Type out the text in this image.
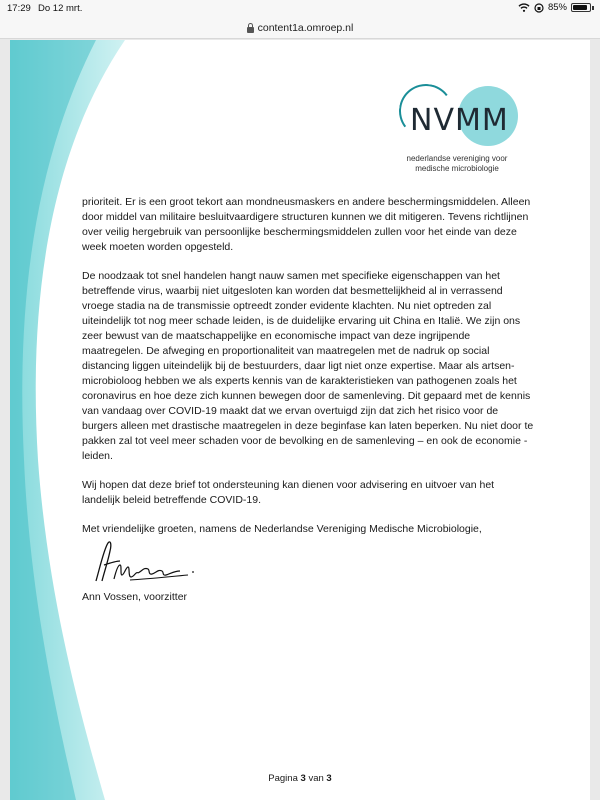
17:29 Do 12 mrt.	85%
content1a.omroep.nl
NVMM
nederlandse vereniging voor
medische microbiologie

prioriteit. Er is een groot tekort aan mondneusmaskers en andere beschermingsmiddelen. Alleen door middel van militaire besluitvaardigere structuren kunnen we dit mitigeren. Tevens richtlijnen over veilig hergebruik van persoonlijke beschermingsmiddelen zullen voor het einde van deze week moeten worden opgesteld.

De noodzaak tot snel handelen hangt nauw samen met specifieke eigenschappen van het betreffende virus, waarbij niet uitgesloten kan worden dat besmettelijkheid al in verrassend vroege stadia na de transmissie optreedt zonder evidente klachten. Nu niet optreden zal uiteindelijk tot nog meer schade leiden, is de duidelijke ervaring uit China en Italië. We zijn ons zeer bewust van de maatschappelijke en economische impact van deze ingrijpende maatregelen. De afweging en proportionaliteit van maatregelen met de nadruk op social distancing liggen uiteindelijk bij de bestuurders, daar ligt niet onze expertise. Maar als artsen-microbioloog hebben we als experts kennis van de karakteristieken van pathogenen zoals het coronavirus en hoe deze zich kunnen bewegen door de samenleving. Dit gepaard met de kennis van vandaag over COVID-19 maakt dat we ervan overtuigd zijn dat zich het risico voor de burgers alleen met drastische maatregelen in deze beginfase kan laten beperken. Nu niet door te pakken zal tot veel meer schaden voor de bevolking en de samenleving – en ook de economie - leiden.

Wij hopen dat deze brief tot ondersteuning kan dienen voor advisering en uitvoer van het landelijk beleid betreffende COVID-19.

Met vriendelijke groeten, namens de Nederlandse Vereniging Medische Microbiologie,

Ann Vossen, voorzitter
Pagina 3 van 3
